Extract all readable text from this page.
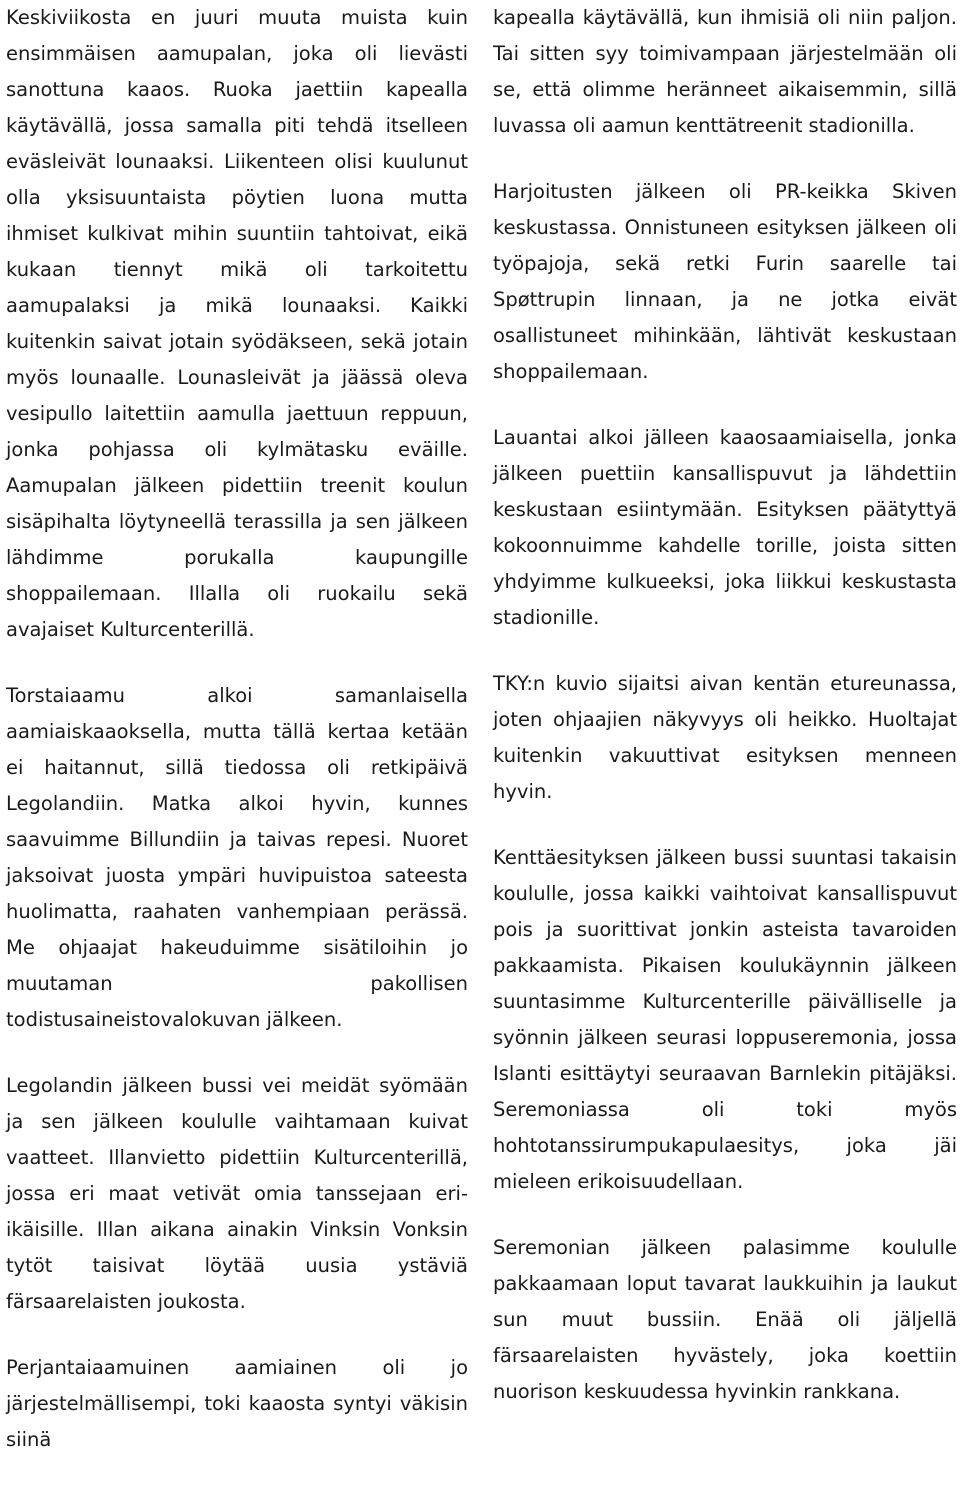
Keskiviikosta en juuri muuta muista kuin ensimmäisen aamupalan, joka oli lievästi sanottuna kaaos. Ruoka jaettiin kapealla käytävällä, jossa samalla piti tehdä itselleen eväsleivät lounaaksi. Liikenteen olisi kuulunut olla yksisuuntaista pöytien luona mutta ihmiset kulkivat mihin suuntiin tahtoivat, eikä kukaan tiennyt mikä oli tarkoitettu aamupalaksi ja mikä lounaaksi. Kaikki kuitenkin saivat jotain syödäkseen, sekä jotain myös lounaalle. Lounasleivät ja jäässä oleva vesipullo laitettiin aamulla jaettuun reppuun, jonka pohjassa oli kylmätasku eväille. Aamupalan jälkeen pidettiin treenit koulun sisäpihalta löytyneellä terassilla ja sen jälkeen lähdimme porukalla kaupungille shoppailemaan. Illalla oli ruokailu sekä avajaiset Kulturcenterillä.

Torstaiaamu alkoi samanlaisella aamiaiskaaoksella, mutta tällä kertaa ketään ei haitannut, sillä tiedossa oli retkipäivä Legolandiin. Matka alkoi hyvin, kunnes saavuimme Billundiin ja taivas repesi. Nuoret jaksoivat juosta ympäri huvipuistoa sateesta huolimatta, raahaten vanhempiaan perässä. Me ohjaajat hakeuduimme sisätiloihin jo muutaman pakollisen todistusaineistovalokuvan jälkeen.

Legolandin jälkeen bussi vei meidät syömään ja sen jälkeen koululle vaihtamaan kuivat vaatteet. Illanvietto pidettiin Kulturcenterillä, jossa eri maat vetivät omia tanssejaan eri-ikäisille. Illan aikana ainakin Vinksin Vonksin tytöt taisivat löytää uusia ystäviä färsaarelaisten joukosta.

Perjantaiaamuinen aamiainen oli jo järjestelmällisempi, toki kaaosta syntyi väkisin siinä

kapealla käytävällä, kun ihmisiä oli niin paljon. Tai sitten syy toimivampaan järjestelmään oli se, että olimme heränneet aikaisemmin, sillä luvassa oli aamun kenttätreenit stadionilla.

Harjoitusten jälkeen oli PR-keikka Skiven keskustassa. Onnistuneen esityksen jälkeen oli työpajoja, sekä retki Furin saarelle tai Spøttrupin linnaan, ja ne jotka eivät osallistuneet mihinkään, lähtivät keskustaan shoppailemaan.

Lauantai alkoi jälleen kaaosaamiaisella, jonka jälkeen puettiin kansallispuvut ja lähdettiin keskustaan esiintymään. Esityksen päätyttyä kokoonnuimme kahdelle torille, joista sitten yhdyimme kulkueeksi, joka liikkui keskustasta stadionille.

TKY:n kuvio sijaitsi aivan kentän etureunassa, joten ohjaajien näkyvyys oli heikko. Huoltajat kuitenkin vakuuttivat esityksen menneen hyvin.

Kenttäesityksen jälkeen bussi suuntasi takaisin koululle, jossa kaikki vaihtoivat kansallispuvut pois ja suorittivat jonkin asteista tavaroiden pakkaamista. Pikaisen koulukäynnin jälkeen suuntasimme Kulturcenterille päivälliselle ja syönnin jälkeen seurasi loppuseremonia, jossa Islanti esittäytyi seuraavan Barnlekin pitäjäksi. Seremoniassa oli toki myös hohtotanssirumpukapulaesitys, joka jäi mieleen erikoisuudellaan.

Seremonian jälkeen palasimme koululle pakkaamaan loput tavarat laukkuihin ja laukut sun muut bussiin. Enää oli jäljellä färsaarelaisten hyvästely, joka koettiin nuorison keskuudessa hyvinkin rankkana.
